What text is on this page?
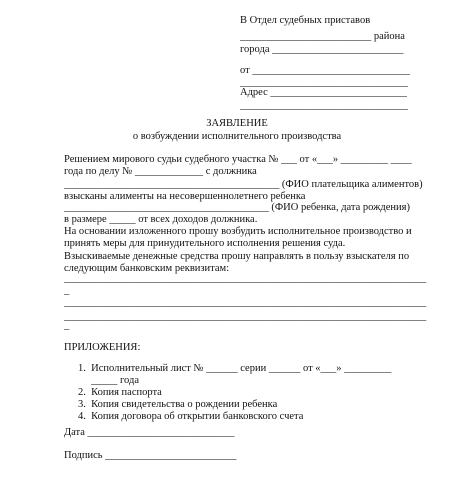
В Отдел судебных приставов
_________________________ района
города _________________________
от ______________________________
________________________________
Адрес __________________________
________________________________
ЗАЯВЛЕНИЕ
о возбуждении исполнительного производства
Решением мирового судьи судебного участка № ___ от «___» _________ ____
года по делу № _____________ с должника
_________________________________________ (ФИО плательщика алиментов)
взысканы алименты на несовершеннолетнего ребенка
_______________________________________ (ФИО ребенка, дата рождения)
в размере _____ от всех доходов должника.
На основании изложенного прошу возбудить исполнительное производство и
принять меры для принудительного исполнения решения суда.
Взыскиваемые денежные средства прошу направлять в пользу взыскателя по
следующим банковским реквизитам:
_____________________________________________________________________
_
_____________________________________________________________________
_____________________________________________________________________
_
ПРИЛОЖЕНИЯ:
1.  Исполнительный лист № ______ серии ______ от «___» _________
_____ года
2.  Копия паспорта
3.  Копия свидетельства о рождении ребенка
4.  Копия договора об открытии банковского счета
Дата ____________________________
Подпись _________________________
